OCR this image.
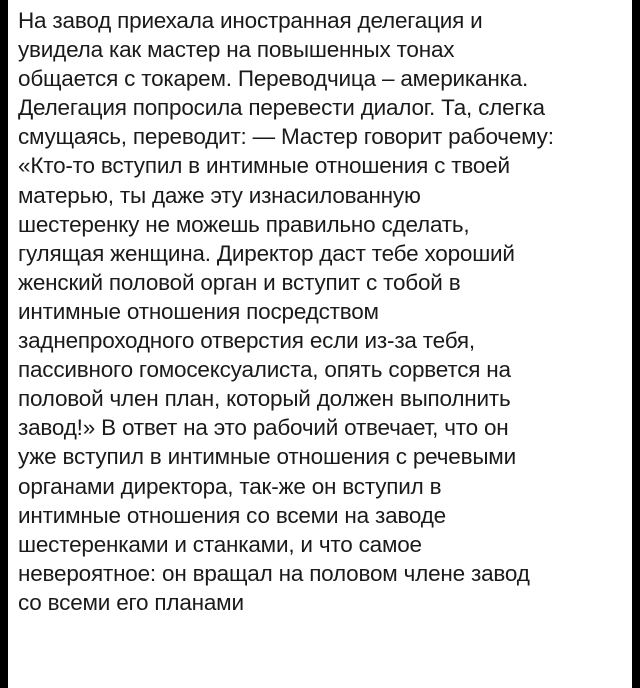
На завод приехала иностранная делегация и
увидела как мастер на повышенных тонах
общается с токарем. Переводчица – американка.
Делегация попросила перевести диалог. Та, слегка
смущаясь, переводит: — Мастер говорит рабочему:
«Кто-то вступил в интимные отношения с твоей
матерью, ты даже эту изнасилованную
шестеренку не можешь правильно сделать,
гулящая женщина. Директор даст тебе хороший
женский половой орган и вступит с тобой в
интимные отношения посредством
заднепроходного отверстия если из-за тебя,
пассивного гомосексуалиста, опять сорвется на
половой член план, который должен выполнить
завод!» В ответ на это рабочий отвечает, что он
уже вступил в интимные отношения с речевыми
органами директора, так-же он вступил в
интимные отношения со всеми на заводе
шестеренками и станками, и что самое
невероятное: он вращал на половом члене завод
со всеми его планами
